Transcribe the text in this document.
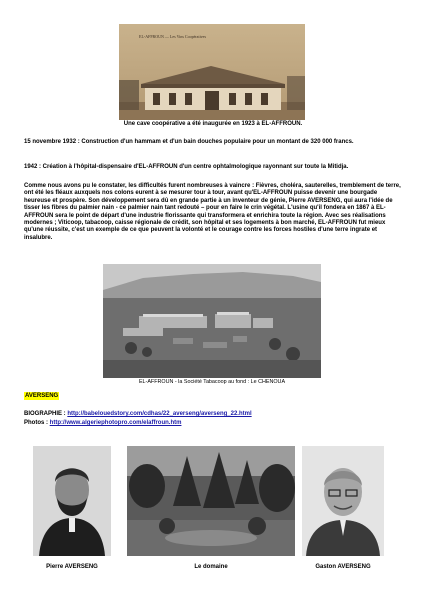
EL-AFFROUN — Les Vins Coopératives

Une cave coopérative a été inaugurée en 1923 à EL-AFFROUN.

15 novembre 1932 : Construction d'un hammam et d'un bain douches populaire pour un montant de 320 000 francs.

1942 : Création à l'hôpital-dispensaire d'EL-AFFROUN d'un centre ophtalmologique rayonnant sur toute la Mitidja.

Comme nous avons pu le constater, les difficultés furent nombreuses à vaincre : Fièvres, choléra, sauterelles, tremblement de terre, ont été les fléaux auxquels nos colons eurent à se mesurer tour à tour, avant qu'EL-AFFROUN puisse devenir une bourgade heureuse et prospère. Son développement sera dû en grande partie à un inventeur de génie, Pierre AVERSENG, qui aura l'idée de tisser les fibres du palmier nain - ce palmier nain tant redouté – pour en faire le crin végétal. L'usine qu'il fondera en 1867 à EL-AFFROUN sera le point de départ d'une industrie florissante qui transformera et enrichira toute la région. Avec ses réalisations modernes ; Viticoop, tabacoop, caisse régionale de crédit, son hôpital et ses logements à bon marché, EL-AFFROUN fut mieux qu'une réussite, c'est un exemple de ce que peuvent la volonté et le courage contre les forces hostiles d'une terre ingrate et insalubre.

EL-AFFROUN - la Société Tabacoop au fond : Le CHENOUA

AVERSENG
BIOGRAPHIE : http://babelouedstory.com/cdhas/22_averseng/averseng_22.html
Photos : http://www.algeriephotopro.com/elaffroun.htm

Pierre AVERSENG	Le domaine	Gaston AVERSENG
